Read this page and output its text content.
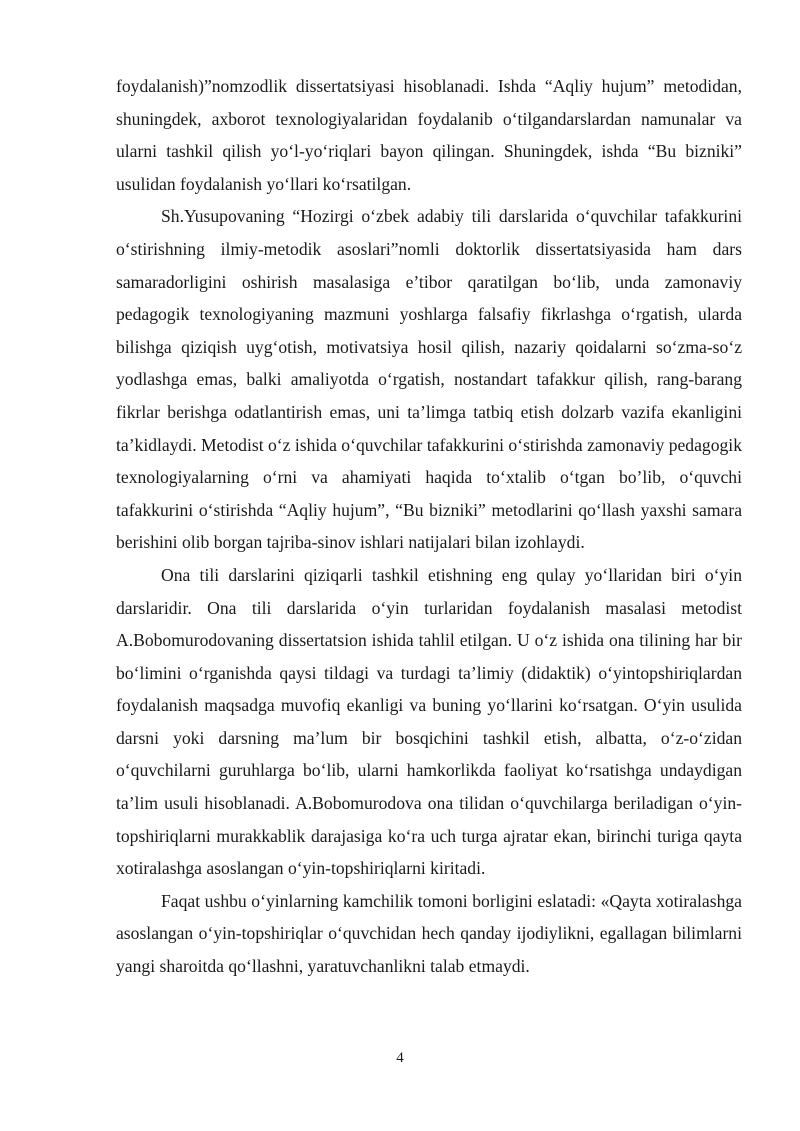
foydalanish)”nomzodlik dissertatsiyasi hisoblanadi. Ishda “Aqliy hujum” metodidan, shuningdek, axborot texnologiyalaridan foydalanib o‘tilgandarslardan namunalar va ularni tashkil qilish yo‘l-yo‘riqlari bayon qilingan. Shuningdek, ishda “Bu bizniki” usulidan foydalanish yo‘llari ko‘rsatilgan.

Sh.Yusupovaning “Hozirgi o‘zbek adabiy tili darslarida o‘quvchilar tafakkurini o‘stirishning ilmiy-metodik asoslari”nomli doktorlik dissertatsiyasida ham dars samaradorligini oshirish masalasiga e’tibor qaratilgan bo‘lib, unda zamonaviy pedagogik texnologiyaning mazmuni yoshlarga falsafiy fikrlashga o‘rgatish, ularda bilishga qiziqish uyg‘otish, motivatsiya hosil qilish, nazariy qoidalarni so‘zma-so‘z yodlashga emas, balki amaliyotda o‘rgatish, nostandart tafakkur qilish, rang-barang fikrlar berishga odatlantirish emas, uni ta’limga tatbiq etish dolzarb vazifa ekanligini ta’kidlaydi. Metodist o‘z ishida o‘quvchilar tafakkurini o‘stirishda zamonaviy pedagogik texnologiyalarning o‘rni va ahamiyati haqida to‘xtalib o‘tgan bo’lib, o‘quvchi tafakkurini o‘stirishda “Aqliy hujum”, “Bu bizniki” metodlarini qo‘llash yaxshi samara berishini olib borgan tajriba-sinov ishlari natijalari bilan izohlaydi.

Ona tili darslarini qiziqarli tashkil etishning eng qulay yo‘llaridan biri o‘yin darslaridir. Ona tili darslarida o‘yin turlaridan foydalanish masalasi metodist A.Bobomurodovaning dissertatsion ishida tahlil etilgan. U o‘z ishida ona tilining har bir bo‘limini o‘rganishda qaysi tildagi va turdagi ta’limiy (didaktik) o‘yintopshiriqlardan foydalanish maqsadga muvofiq ekanligi va buning yo‘llarini ko‘rsatgan. O‘yin usulida darsni yoki darsning ma’lum bir bosqichini tashkil etish, albatta, o‘z-o‘zidan o‘quvchilarni guruhlarga bo‘lib, ularni hamkorlikda faoliyat ko‘rsatishga undaydigan ta’lim usuli hisoblanadi. A.Bobomurodova ona tilidan o‘quvchilarga beriladigan o‘yin-topshiriqlarni murakkablik darajasiga ko‘ra uch turga ajratar ekan, birinchi turiga qayta xotiralashga asoslangan o‘yin-topshiriqlarni kiritadi.

Faqat ushbu o‘yinlarning kamchilik tomoni borligini eslatadi: «Qayta xotiralashga asoslangan o‘yin-topshiriqlar o‘quvchidan hech qanday ijodiylikni, egallagan bilimlarni yangi sharoitda qo‘llashni, yaratuvchanlikni talab etmaydi.

4
